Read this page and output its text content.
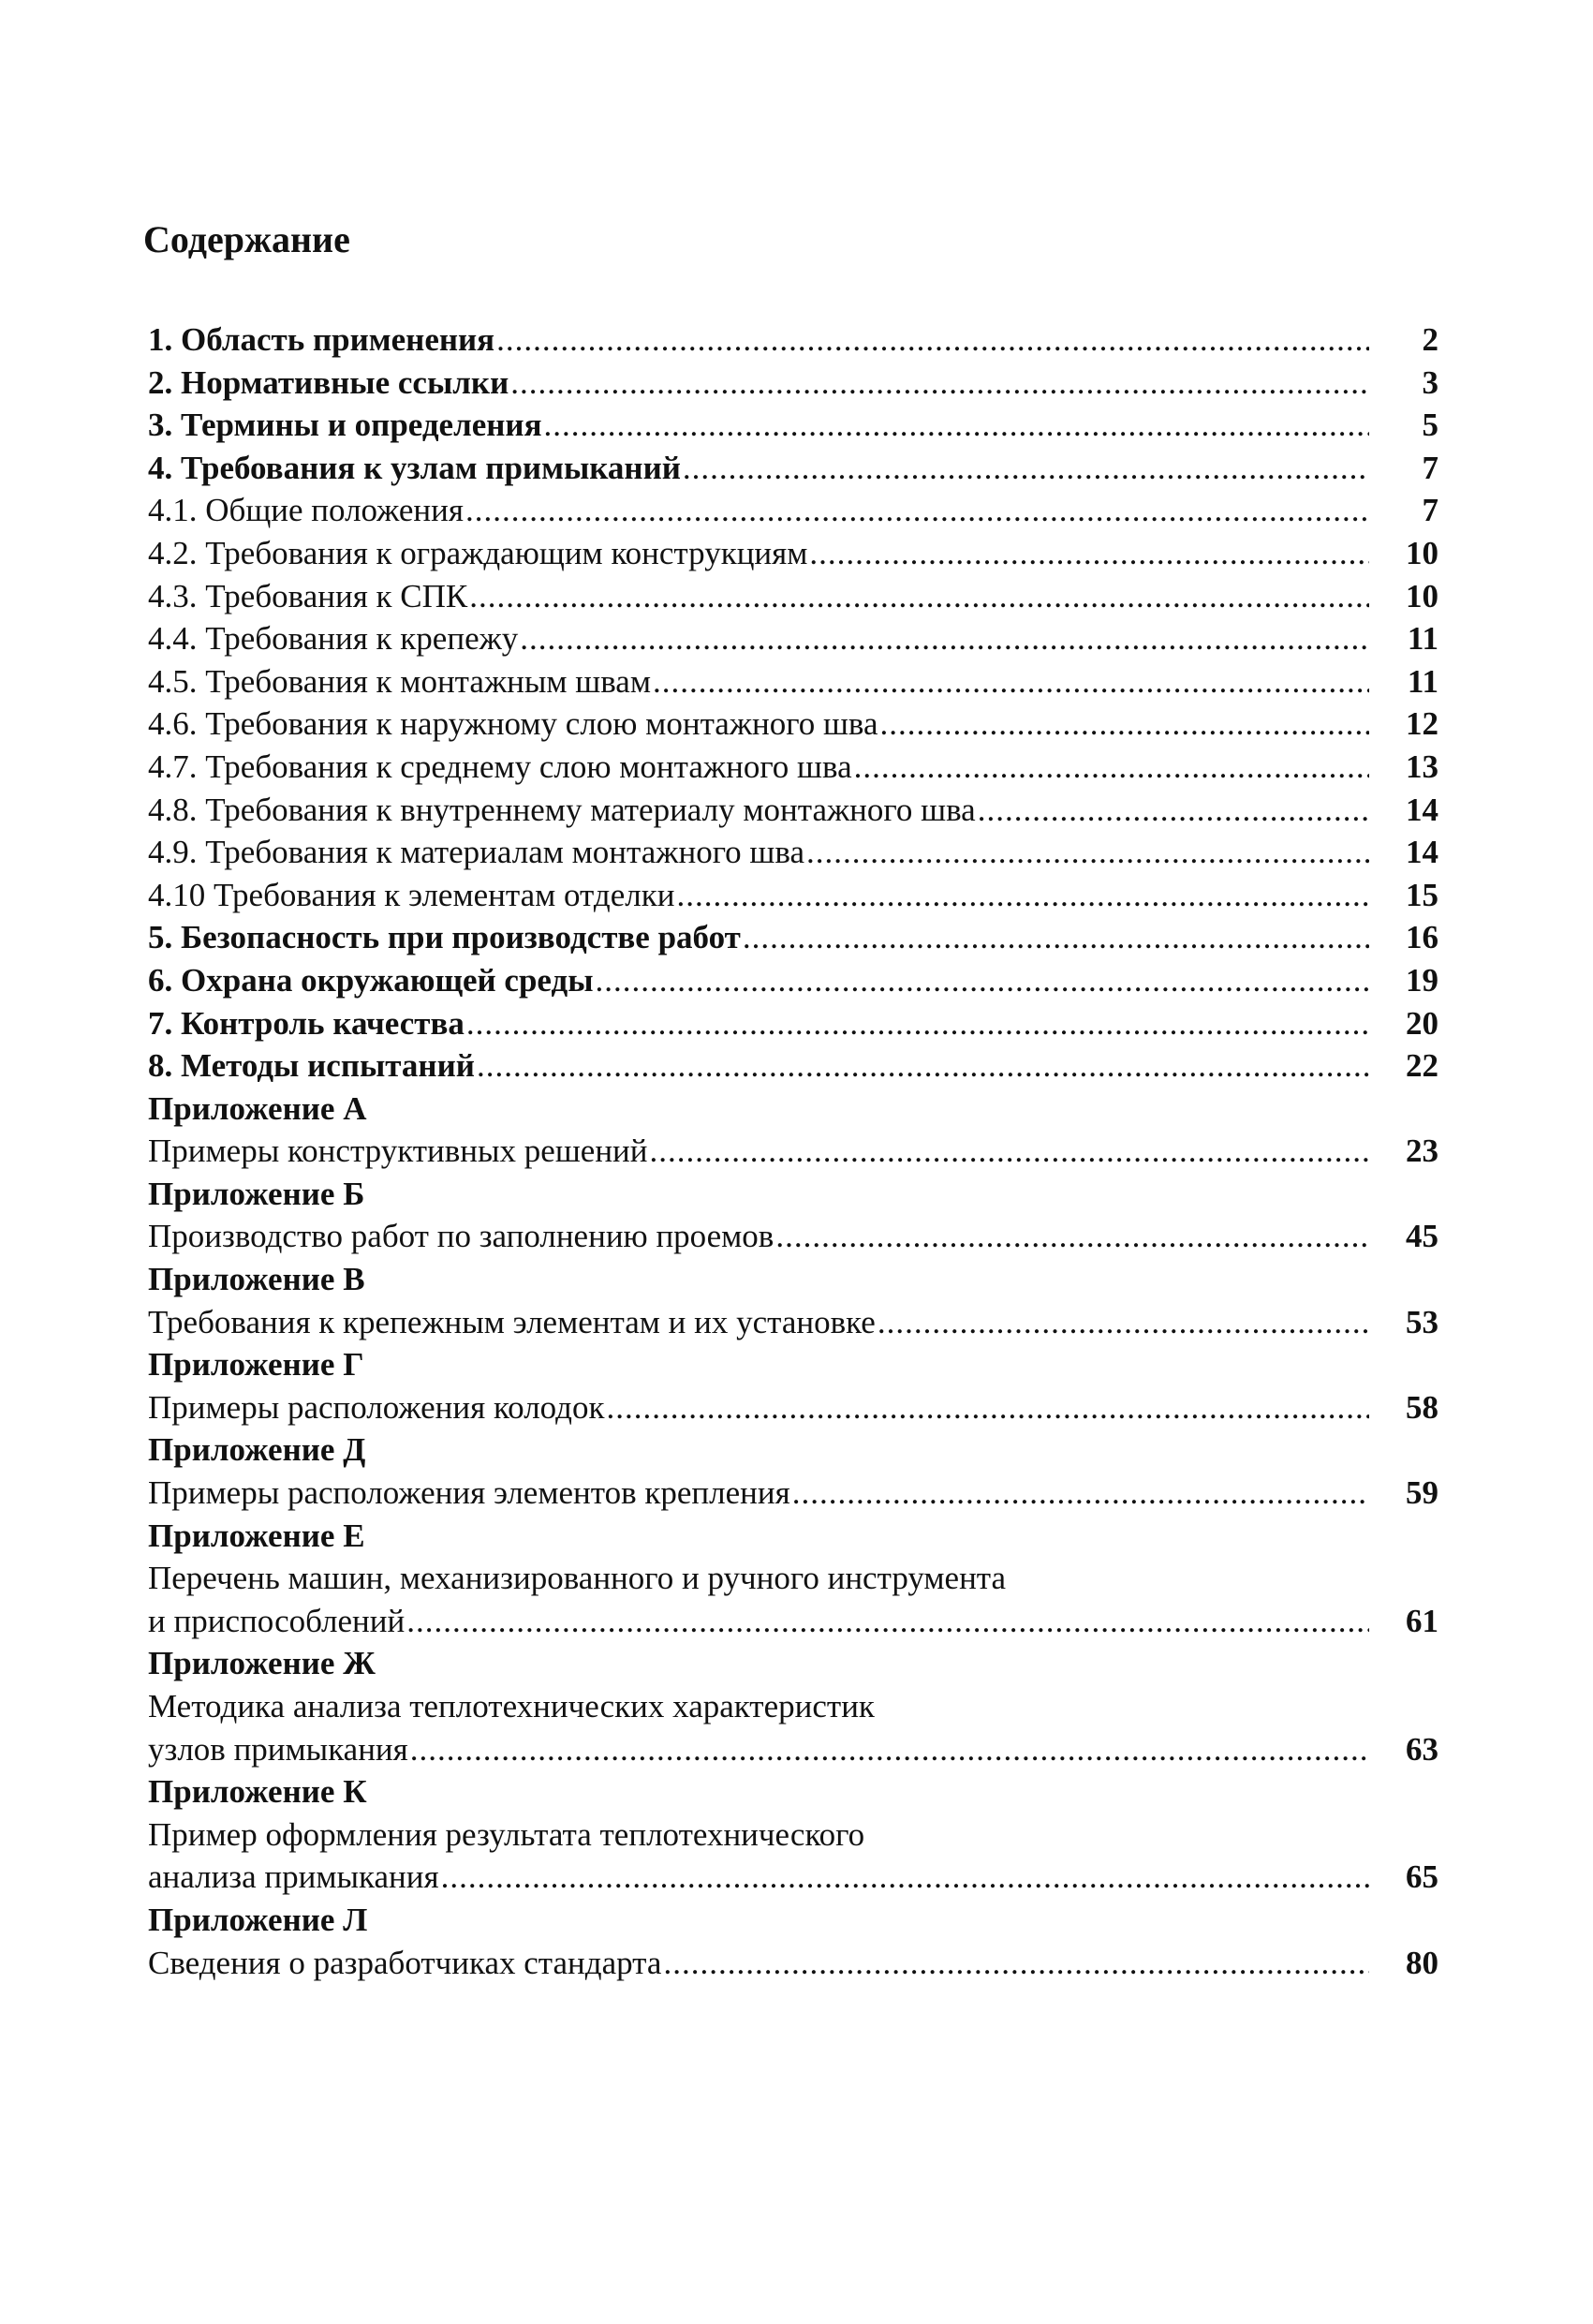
Содержание
1. Область применения .....	2
2. Нормативные ссылки .....	3
3. Термины и определения .....	5
4. Требования к узлам примыканий .....	7
4.1. Общие положения .....	7
4.2. Требования к ограждающим конструкциям .....	10
4.3. Требования к СПК .....	10
4.4. Требования к крепежу .....	11
4.5. Требования к монтажным швам .....	11
4.6. Требования к наружному слою монтажного шва .....	12
4.7. Требования к среднему слою монтажного шва .....	13
4.8. Требования к внутреннему материалу монтажного шва .....	14
4.9. Требования к материалам монтажного шва .....	14
4.10 Требования к элементам отделки .....	15
5. Безопасность при производстве работ .....	16
6. Охрана окружающей среды .....	19
7. Контроль качества .....	20
8. Методы испытаний .....	22
Приложение А
Примеры конструктивных решений .....	23
Приложение Б
Производство работ по заполнению проемов .....	45
Приложение В
Требования к крепежным элементам и их установке .....	53
Приложение Г
Примеры расположения колодок .....	58
Приложение Д
Примеры расположения элементов крепления .....	59
Приложение Е
Перечень машин, механизированного и ручного инструмента
и приспособлений .....	61
Приложение Ж
Методика анализа теплотехнических характеристик
узлов примыкания .....	63
Приложение К
Пример оформления результата теплотехнического
анализа примыкания .....	65
Приложение Л
Сведения о разработчиках стандарта .....	80
